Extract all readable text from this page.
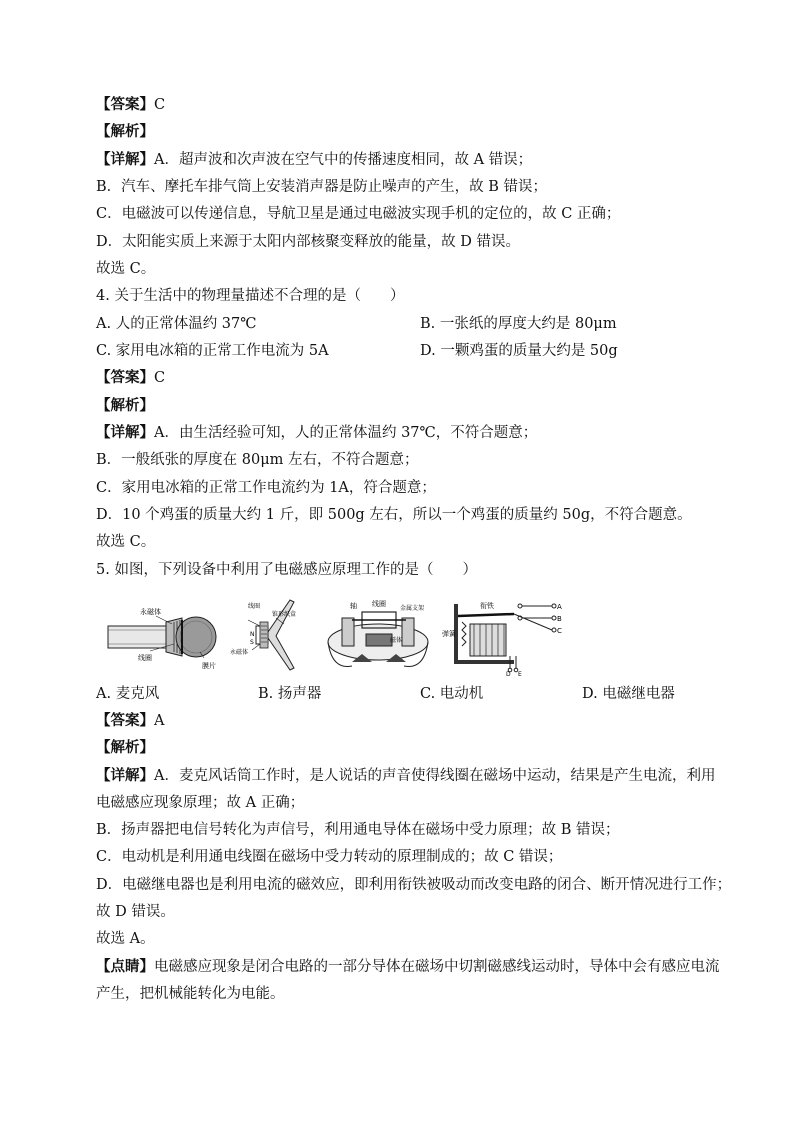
【答案】C
【解析】
【详解】A．超声波和次声波在空气中的传播速度相同，故 A 错误；
B．汽车、摩托车排气筒上安装消声器是防止噪声的产生，故 B 错误；
C．电磁波可以传递信息，导航卫星是通过电磁波实现手机的定位的，故 C 正确；
D．太阳能实质上来源于太阳内部核聚变释放的能量，故 D 错误。
故选 C。
4. 关于生活中的物理量描述不合理的是（　　）
A. 人的正常体温约 37℃	B. 一张纸的厚度大约是 80μm
C. 家用电冰箱的正常工作电流为 5A	D. 一颗鸡蛋的质量大约是 50g
【答案】C
【解析】
【详解】A．由生活经验可知，人的正常体温约 37℃，不符合题意；
B．一般纸张的厚度在 80μm 左右，不符合题意；
C．家用电冰箱的正常工作电流约为 1A，符合题意；
D．10 个鸡蛋的质量大约 1 斤，即 500g 左右，所以一个鸡蛋的质量约 50g，不符合题意。
故选 C。
5. 如图，下列设备中利用了电磁感应原理工作的是（　　）
永磁体
线圈
膜片
线圈
锥形纸盒
N
S
永磁体
轴 线圈
金属支架
磁体
衔铁
弹簧
A
B
C
D E
A. 麦克风	B. 扬声器	C. 电动机	D. 电磁继电器
【答案】A
【解析】
【详解】A．麦克风话筒工作时，是人说话的声音使得线圈在磁场中运动，结果是产生电流，利用
电磁感应现象原理；故 A 正确；
B．扬声器把电信号转化为声信号，利用通电导体在磁场中受力原理；故 B 错误；
C．电动机是利用通电线圈在磁场中受力转动的原理制成的；故 C 错误；
D．电磁继电器也是利用电流的磁效应，即利用衔铁被吸动而改变电路的闭合、断开情况进行工作；
故 D 错误。
故选 A。
【点睛】电磁感应现象是闭合电路的一部分导体在磁场中切割磁感线运动时，导体中会有感应电流
产生，把机械能转化为电能。
